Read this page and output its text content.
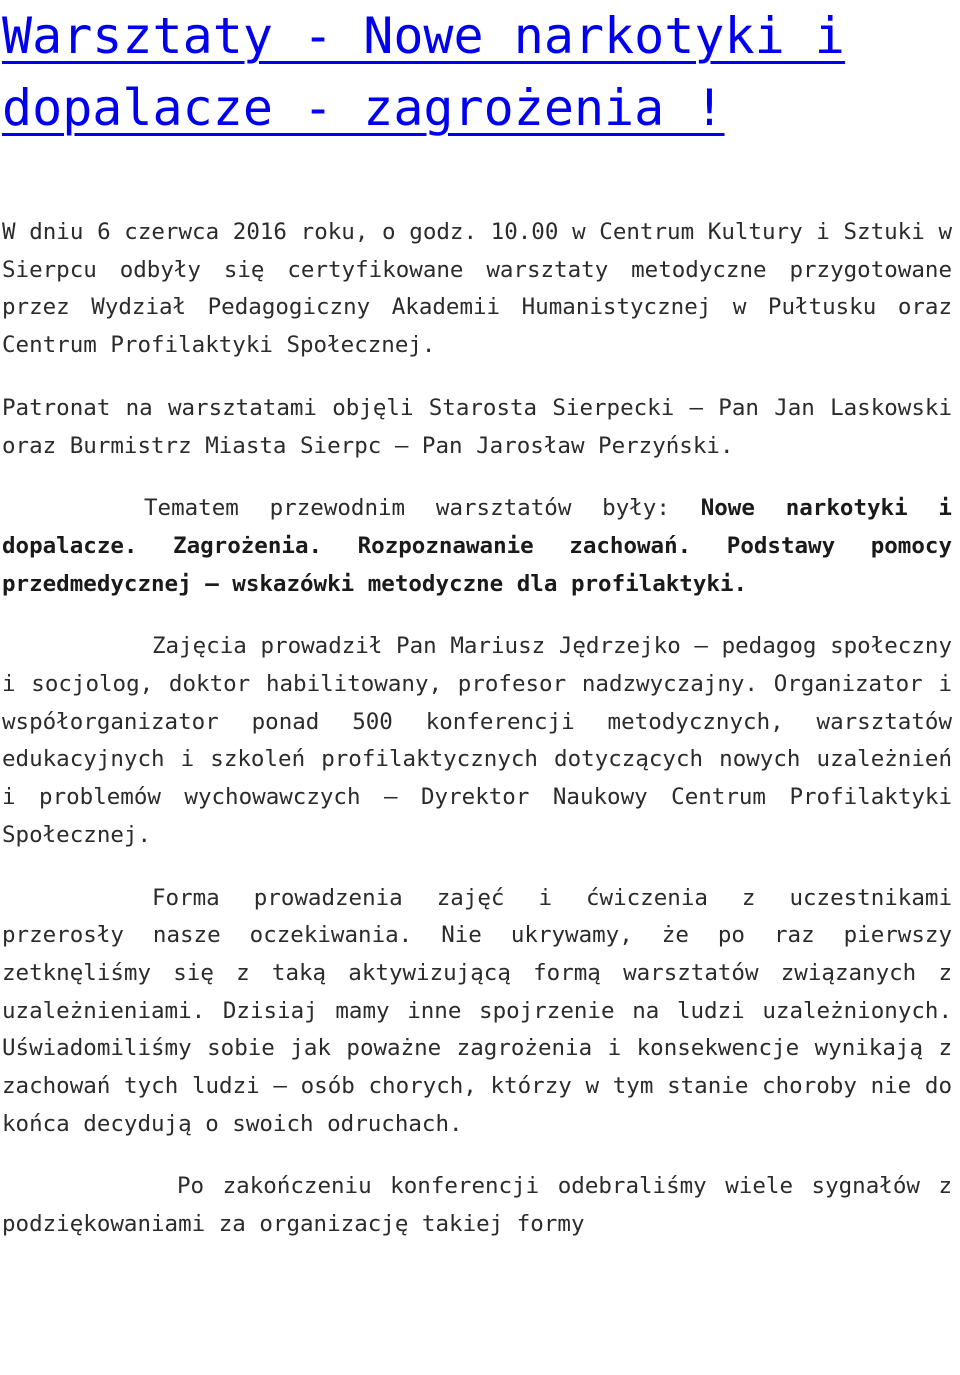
Warsztaty - Nowe narkotyki i dopalacze - zagrożenia !

W dniu 6 czerwca 2016 roku, o godz. 10.00 w Centrum Kultury i Sztuki w Sierpcu odbyły się certyfikowane warsztaty metodyczne przygotowane przez Wydział Pedagogiczny Akademii Humanistycznej w Pułtusku oraz Centrum Profilaktyki Społecznej.

Patronat na warsztatami objęli Starosta Sierpecki – Pan Jan Laskowski oraz Burmistrz Miasta Sierpc – Pan Jarosław Perzyński.

Tematem przewodnim warsztatów były: Nowe narkotyki i dopalacze. Zagrożenia. Rozpoznawanie zachowań. Podstawy pomocy przedmedycznej – wskazówki metodyczne dla profilaktyki.

Zajęcia prowadził Pan Mariusz Jędrzejko – pedagog społeczny i socjolog, doktor habilitowany, profesor nadzwyczajny. Organizator i współorganizator ponad 500 konferencji metodycznych, warsztatów edukacyjnych i szkoleń profilaktycznych dotyczących nowych uzależnień i problemów wychowawczych – Dyrektor Naukowy Centrum Profilaktyki Społecznej.

Forma prowadzenia zajęć i ćwiczenia z uczestnikami przerosły nasze oczekiwania. Nie ukrywamy, że po raz pierwszy zetknęliśmy się z taką aktywizującą formą warsztatów związanych z uzależnieniami. Dzisiaj mamy inne spojrzenie na ludzi uzależnionych. Uświadomiliśmy sobie jak poważne zagrożenia i konsekwencje wynikają z zachowań tych ludzi – osób chorych, którzy w tym stanie choroby nie do końca decydują o swoich odruchach.

Po zakończeniu konferencji odebraliśmy wiele sygnałów z podziękowaniami za organizację takiej formy
